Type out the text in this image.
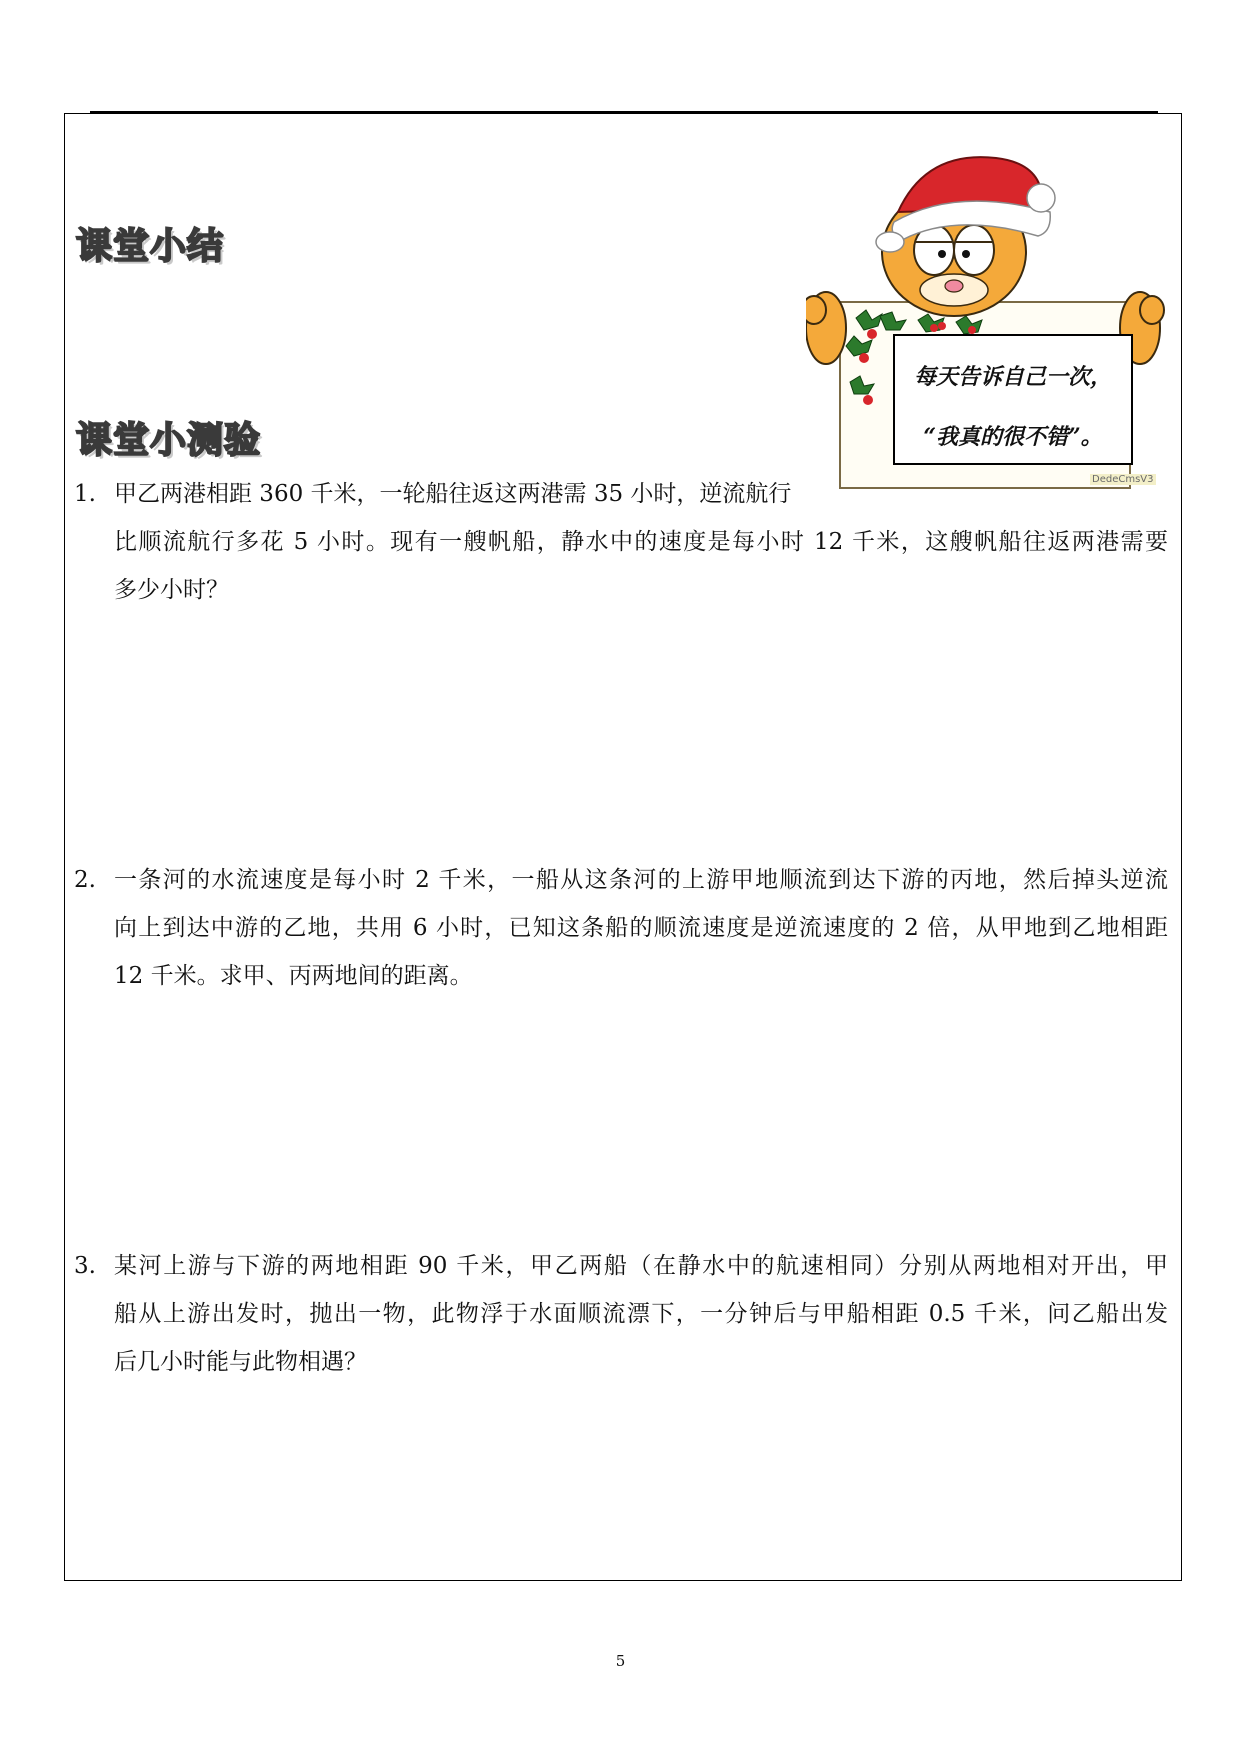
课堂小结
课堂小测验
每天告诉自己一次，
“我真的很不错”。
DedeCmsV3
1. 甲乙两港相距 360 千米，一轮船往返这两港需 35 小时，逆流航行
比顺流航行多花 5 小时。现有一艘帆船，静水中的速度是每小时 12 千米，这艘帆船往返两港需要
多少小时？
2. 一条河的水流速度是每小时 2 千米，一船从这条河的上游甲地顺流到达下游的丙地，然后掉头逆流
向上到达中游的乙地，共用 6 小时，已知这条船的顺流速度是逆流速度的 2 倍，从甲地到乙地相距
12 千米。求甲、丙两地间的距离。
3. 某河上游与下游的两地相距 90 千米，甲乙两船（在静水中的航速相同）分别从两地相对开出，甲
船从上游出发时，抛出一物，此物浮于水面顺流漂下，一分钟后与甲船相距 0.5 千米，问乙船出发
后几小时能与此物相遇？
5
